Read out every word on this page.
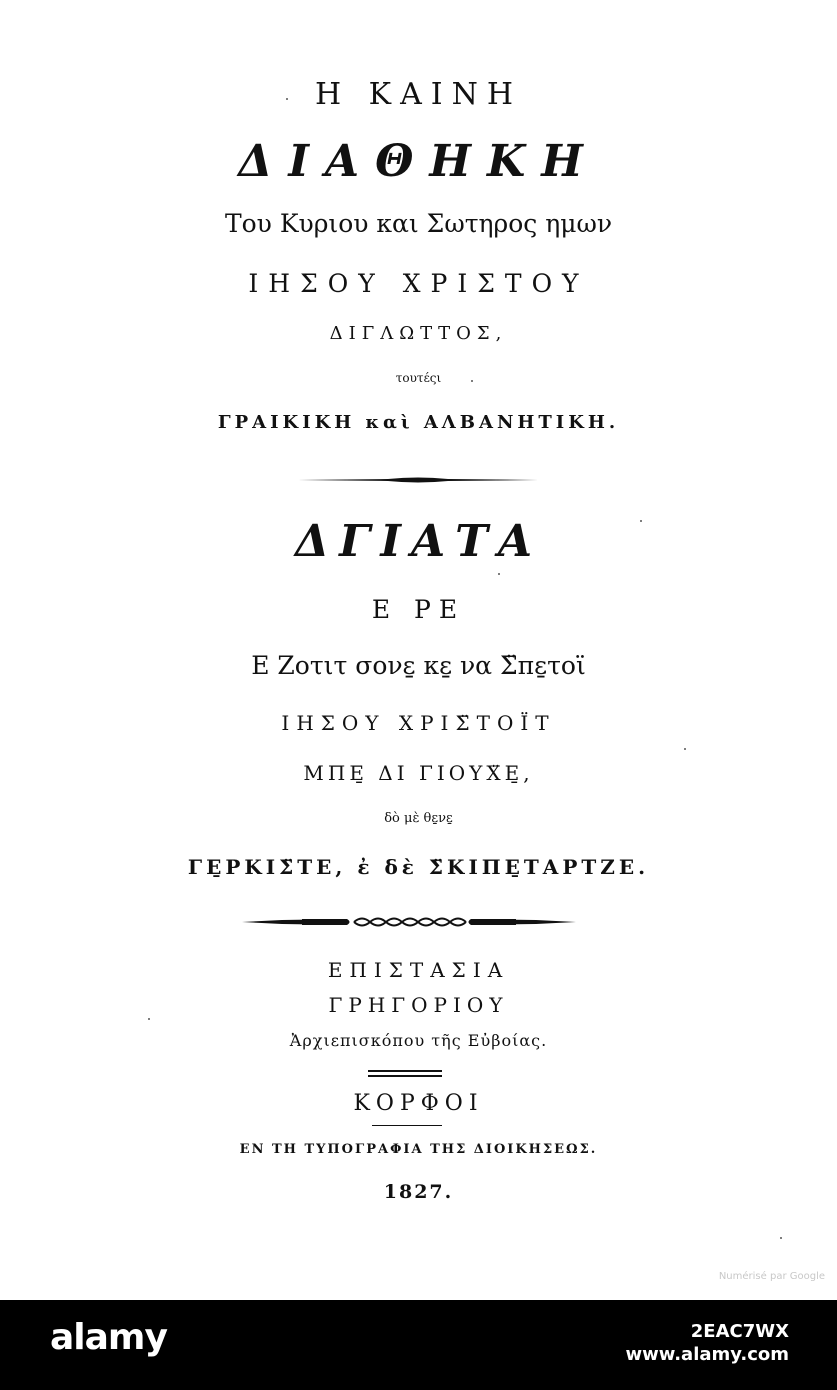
Η ΚΑΙΝΗ
ΔΙΑΘΗΚΗ
Του Κυριου και Σωτηρος ημων
ΙΗΣΟΥ ΧΡΙΣΤΟΥ
ΔΙΓΛΩΤΤΟΣ,
τουτέςι
ΓΡΑΙΚΙΚΗ καὶ ΑΛΒΑΝΗΤΙΚΗ.
ΔΓΙΑΤΑ
Ε ΡΕ
Ε Ζοτιτ σονε̱ κε̱ να Σ̈πε̱τοϊ
ΙΗΣΟΥ ΧΡΙΣ̈ΤΟΪΤ
ΜΠΕ̱ ΔΙ ΓΙΟΥΧ̈Ε̱,
δὸ μὲ θε̱νε̱
ΓΕ̱ΡΚΙΣ̈ΤΕ, ἐ δὲ Σ̈ΚΙΠΕ̱ΤΑΡΤΖΕ.
ΕΠΙΣΤΑΣΙΑ
ΓΡΗΓΟΡΙΟΥ
Ἀρχιεπισκόπου τῆς Εὐβοίας.
ΚΟΡΦΟΙ
ΕΝ ΤΗ ΤΥΠΟΓΡΑΦΙΑ ΤΗΣ ΔΙΟΙΚΗΣΕΩΣ.
1827.
Numérisé par Google
alamy	2EAC7WX
www.alamy.com
